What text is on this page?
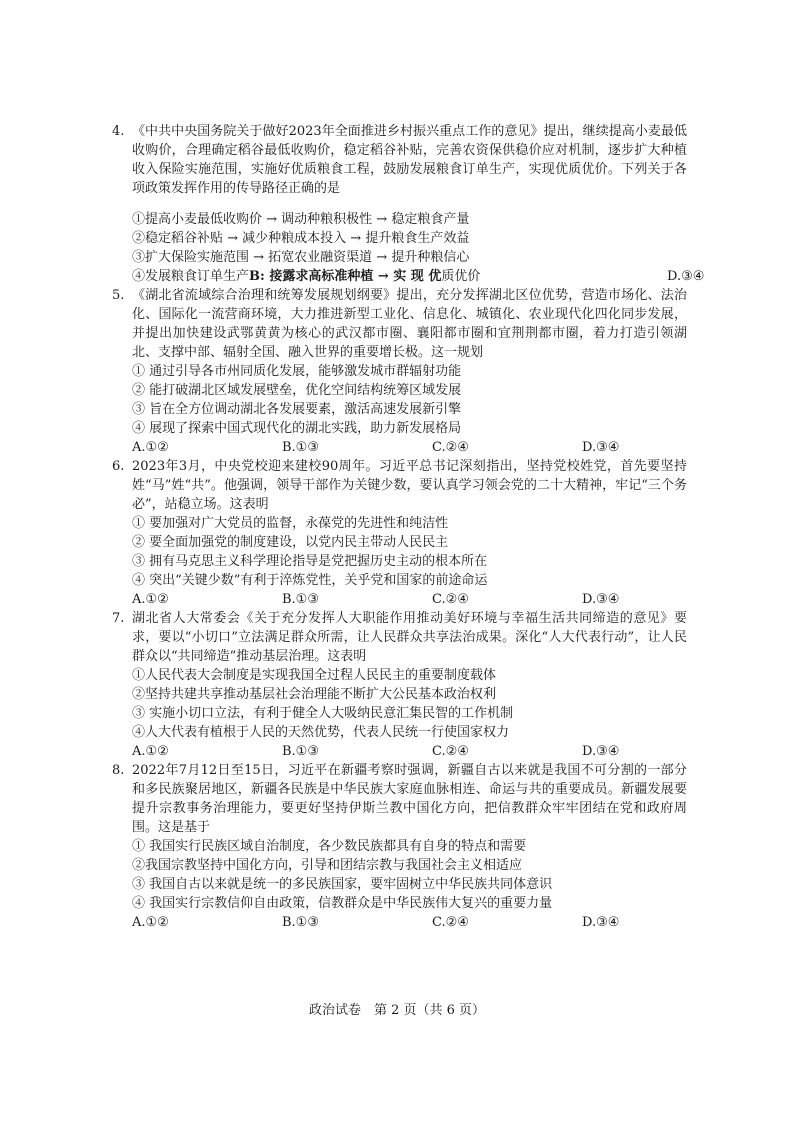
4. 《中共中央国务院关于做好2023年全面推进乡村振兴重点工作的意见》提出，继续提高小麦最低收购价，合理确定稻谷最低收购价，稳定稻谷补贴，完善农资保供稳价应对机制，逐步扩大种植收入保险实施范围，实施好优质粮食工程，鼓励发展粮食订单生产，实现优质优价。下列关于各项政策发挥作用的传导路径正确的是

①提高小麦最低收购价 → 调动种粮积极性 → 稳定粮食产量

②稳定稻谷补贴 → 减少种粮成本投入 → 提升粮食生产效益

③扩大保险实施范围 → 拓宽农业融资渠道 → 提升种粮信心

④发展粮食订单生产B: 接露求高标准种植 → 实 现 优质优价	D.③④

5. 《湖北省流域综合治理和统筹发展规划纲要》提出，充分发挥湖北区位优势，营造市场化、法治化、国际化一流营商环境，大力推进新型工业化、信息化、城镇化、农业现代化四化同步发展，并提出加快建设武鄂黄黄为核心的武汉都市圈、襄阳都市圈和宜荆荆都市圈，着力打造引领湖北、支撑中部、辐射全国、融入世界的重要增长极。这一规划

① 通过引导各市州同质化发展，能够激发城市群辐射功能

② 能打破湖北区域发展壁垒，优化空间结构统筹区域发展

③ 旨在全方位调动湖北各发展要素，激活高速发展新引擎

④ 展现了探索中国式现代化的湖北实践，助力新发展格局

A.①②	B.①③	C.②④	D.③④

6. 2023年3月，中央党校迎来建校90周年。习近平总书记深刻指出，坚持党校姓党，首先要坚持姓“马”姓“共”。他强调，领导干部作为关键少数，要认真学习领会党的二十大精神，牢记“三个务必”，站稳立场。这表明

① 要加强对广大党员的监督，永葆党的先进性和纯洁性

② 要全面加强党的制度建设，以党内民主带动人民民主

③ 拥有马克思主义科学理论指导是党把握历史主动的根本所在

④ 突出“关键少数”有利于淬炼党性，关乎党和国家的前途命运

A.①②	B.①③	C.②④	D.③④

7. 湖北省人大常委会《关于充分发挥人大职能作用推动美好环境与幸福生活共同缔造的意见》要求，要以“小切口”立法满足群众所需，让人民群众共享法治成果。深化“人大代表行动”，让人民群众以“共同缔造”推动基层治理。这表明

①人民代表大会制度是实现我国全过程人民民主的重要制度载体

②坚持共建共享推动基层社会治理能不断扩大公民基本政治权利

③ 实施小切口立法，有利于健全人大吸纳民意汇集民智的工作机制

④人大代表有植根于人民的天然优势，代表人民统一行使国家权力

A.①②	B.①③	C.②④	D.③④

8. 2022年7月12日至15日，习近平在新疆考察时强调，新疆自古以来就是我国不可分割的一部分和多民族聚居地区，新疆各民族是中华民族大家庭血脉相连、命运与共的重要成员。新疆发展要提升宗教事务治理能力，要更好坚持伊斯兰教中国化方向，把信教群众牢牢团结在党和政府周围。这是基于

① 我国实行民族区域自治制度，各少数民族都具有自身的特点和需要

②我国宗教坚持中国化方向，引导和团结宗教与我国社会主义相适应

③ 我国自古以来就是统一的多民族国家，要牢固树立中华民族共同体意识

④ 我国实行宗教信仰自由政策，信教群众是中华民族伟大复兴的重要力量

A.①②	B.①③	C.②④	D.③④
政治试卷　第 2 页（共 6 页）
